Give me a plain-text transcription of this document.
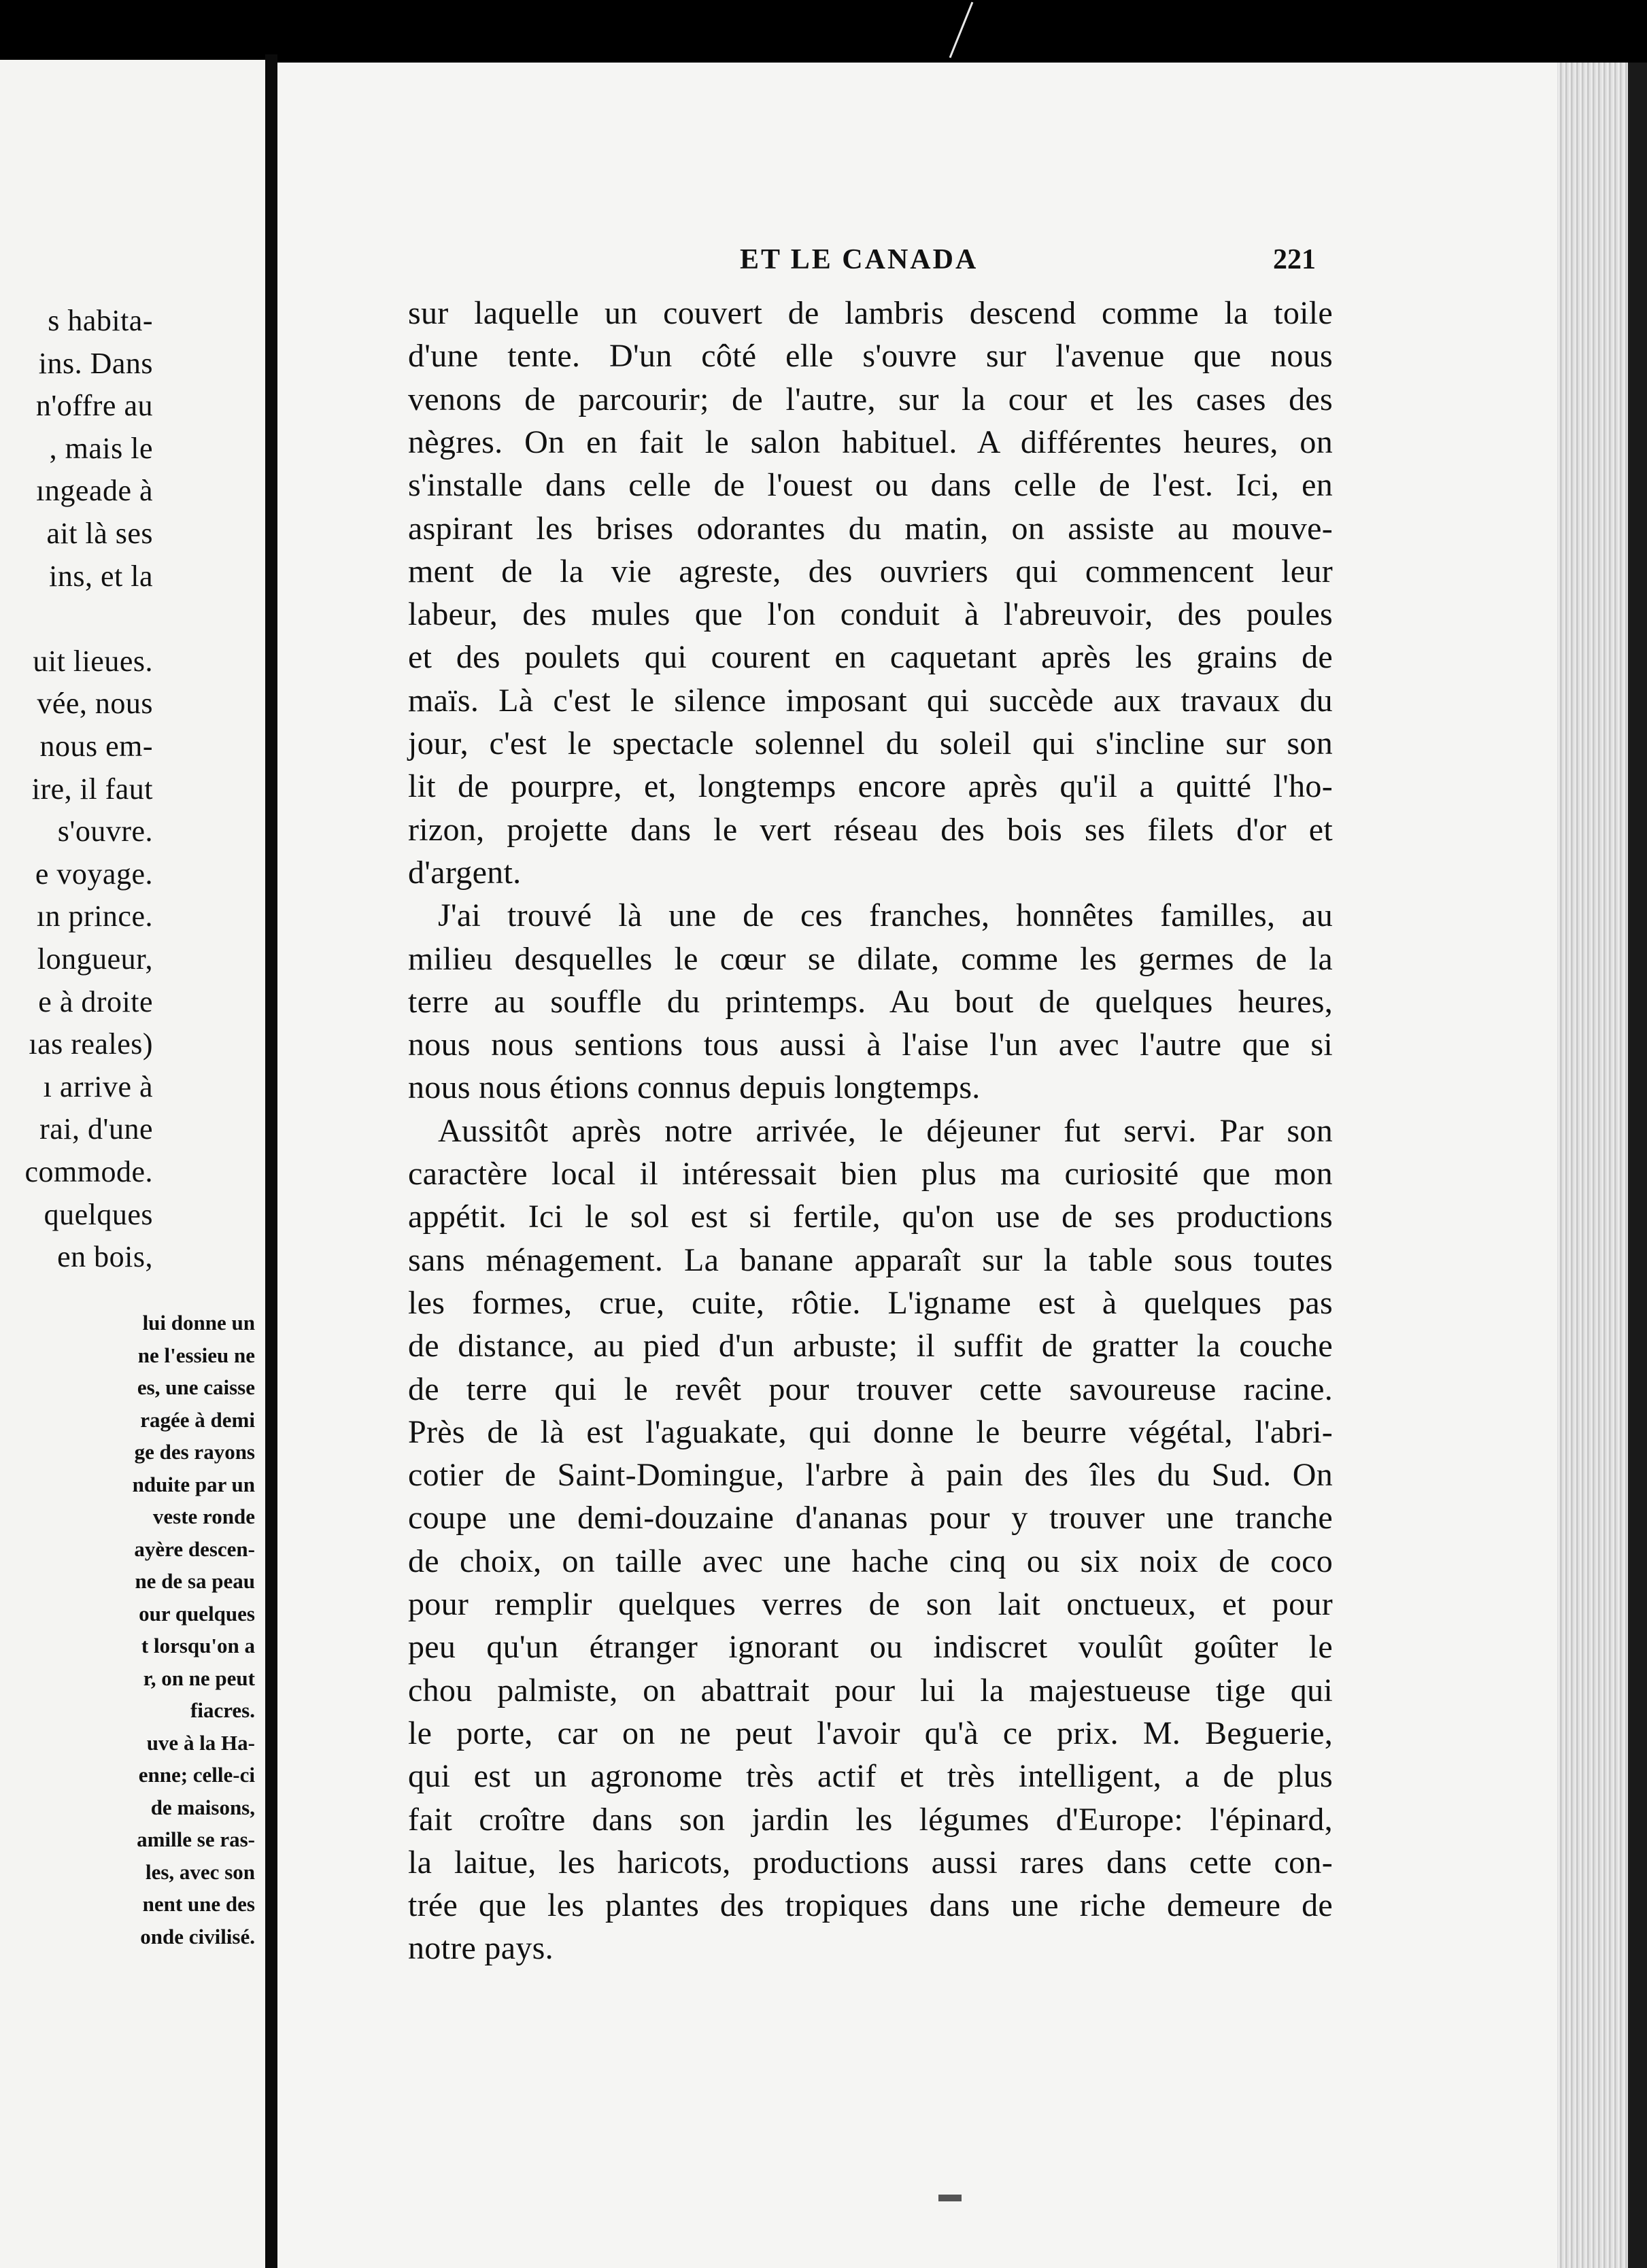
s habita-
ins. Dans
n'offre au
, mais le
ıngeade à
ait là ses
ins, et la
uit lieues.
vée, nous
nous em-
ire, il faut
s'ouvre.
e voyage.
ın prince.
longueur,
e à droite
ıas reales)
ı arrive à
rai, d'une
commode.
quelques
en bois,
lui donne un
ne l'essieu ne
es, une caisse
ragée à demi
ge des rayons
nduite par un
veste ronde
ayère descen-
ne de sa peau
our quelques
t lorsqu'on a
r, on ne peut
fiacres.
uve à la Ha-
enne; celle-ci
de maisons,
amille se ras-
les, avec son
nent une des
onde civilisé.
ET LE CANADA	221
sur laquelle un couvert de lambris descend comme la toile
d'une tente. D'un côté elle s'ouvre sur l'avenue que nous
venons de parcourir; de l'autre, sur la cour et les cases des
nègres. On en fait le salon habituel. A différentes heures, on
s'installe dans celle de l'ouest ou dans celle de l'est. Ici, en
aspirant les brises odorantes du matin, on assiste au mouve-
ment de la vie agreste, des ouvriers qui commencent leur
labeur, des mules que l'on conduit à l'abreuvoir, des poules
et des poulets qui courent en caquetant après les grains de
maïs. Là c'est le silence imposant qui succède aux travaux du
jour, c'est le spectacle solennel du soleil qui s'incline sur son
lit de pourpre, et, longtemps encore après qu'il a quitté l'ho-
rizon, projette dans le vert réseau des bois ses filets d'or et
d'argent.
J'ai trouvé là une de ces franches, honnêtes familles, au
milieu desquelles le cœur se dilate, comme les germes de la
terre au souffle du printemps. Au bout de quelques heures,
nous nous sentions tous aussi à l'aise l'un avec l'autre que si
nous nous étions connus depuis longtemps.
Aussitôt après notre arrivée, le déjeuner fut servi. Par son
caractère local il intéressait bien plus ma curiosité que mon
appétit. Ici le sol est si fertile, qu'on use de ses productions
sans ménagement. La banane apparaît sur la table sous toutes
les formes, crue, cuite, rôtie. L'igname est à quelques pas
de distance, au pied d'un arbuste; il suffit de gratter la couche
de terre qui le revêt pour trouver cette savoureuse racine.
Près de là est l'aguakate, qui donne le beurre végétal, l'abri-
cotier de Saint-Domingue, l'arbre à pain des îles du Sud. On
coupe une demi-douzaine d'ananas pour y trouver une tranche
de choix, on taille avec une hache cinq ou six noix de coco
pour remplir quelques verres de son lait onctueux, et pour
peu qu'un étranger ignorant ou indiscret voulût goûter le
chou palmiste, on abattrait pour lui la majestueuse tige qui
le porte, car on ne peut l'avoir qu'à ce prix. M. Beguerie,
qui est un agronome très actif et très intelligent, a de plus
fait croître dans son jardin les légumes d'Europe: l'épinard,
la laitue, les haricots, productions aussi rares dans cette con-
trée que les plantes des tropiques dans une riche demeure de
notre pays.
